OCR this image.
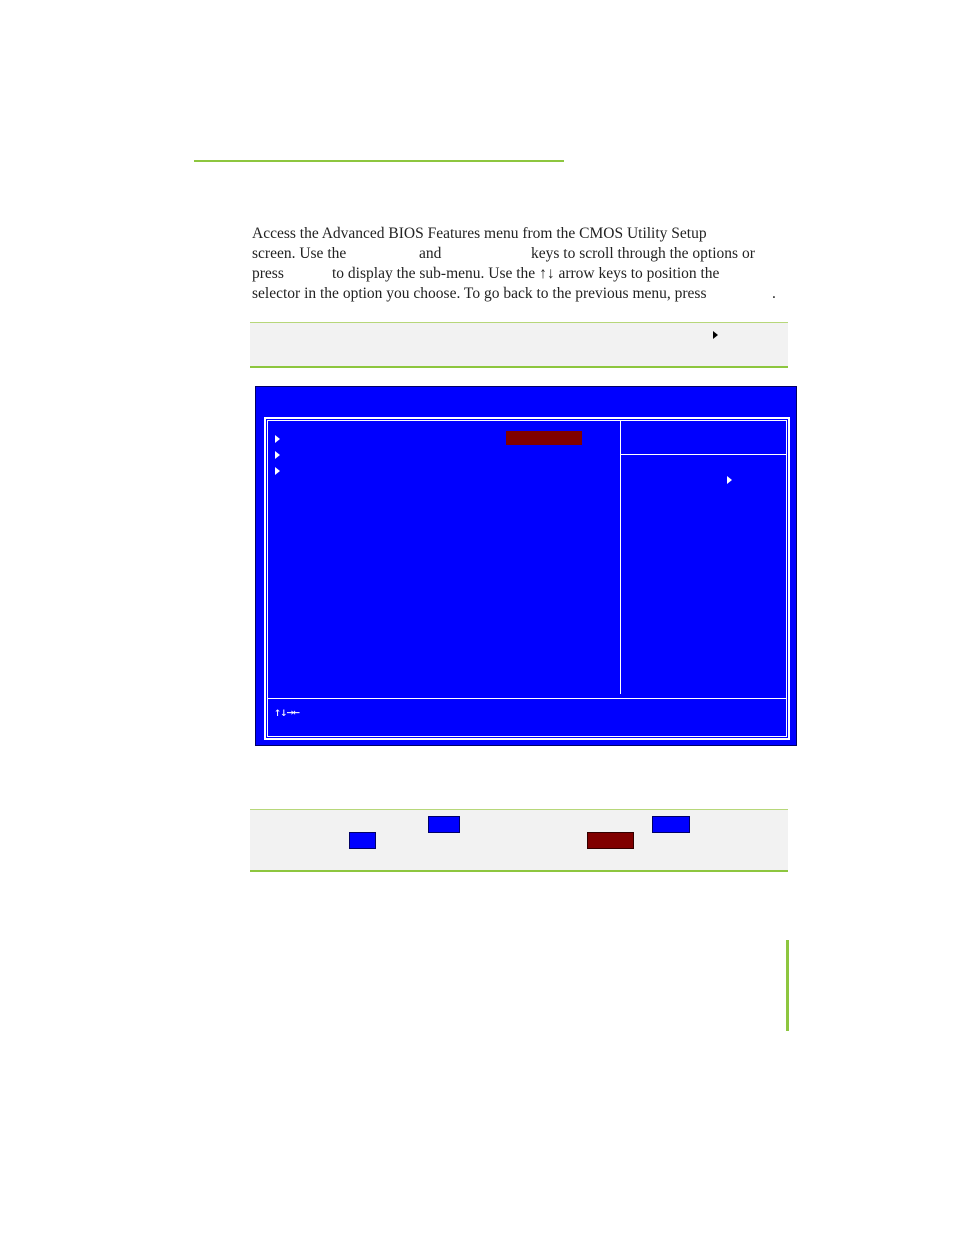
Access the Advanced BIOS Features menu from the CMOS Utility Setup
screen. Use the	and	keys to scroll through the options or
press	to display the sub-menu. Use the ↑↓ arrow keys to position the
selector in the option you choose. To go back to the previous menu, press	.
↑↓→←
